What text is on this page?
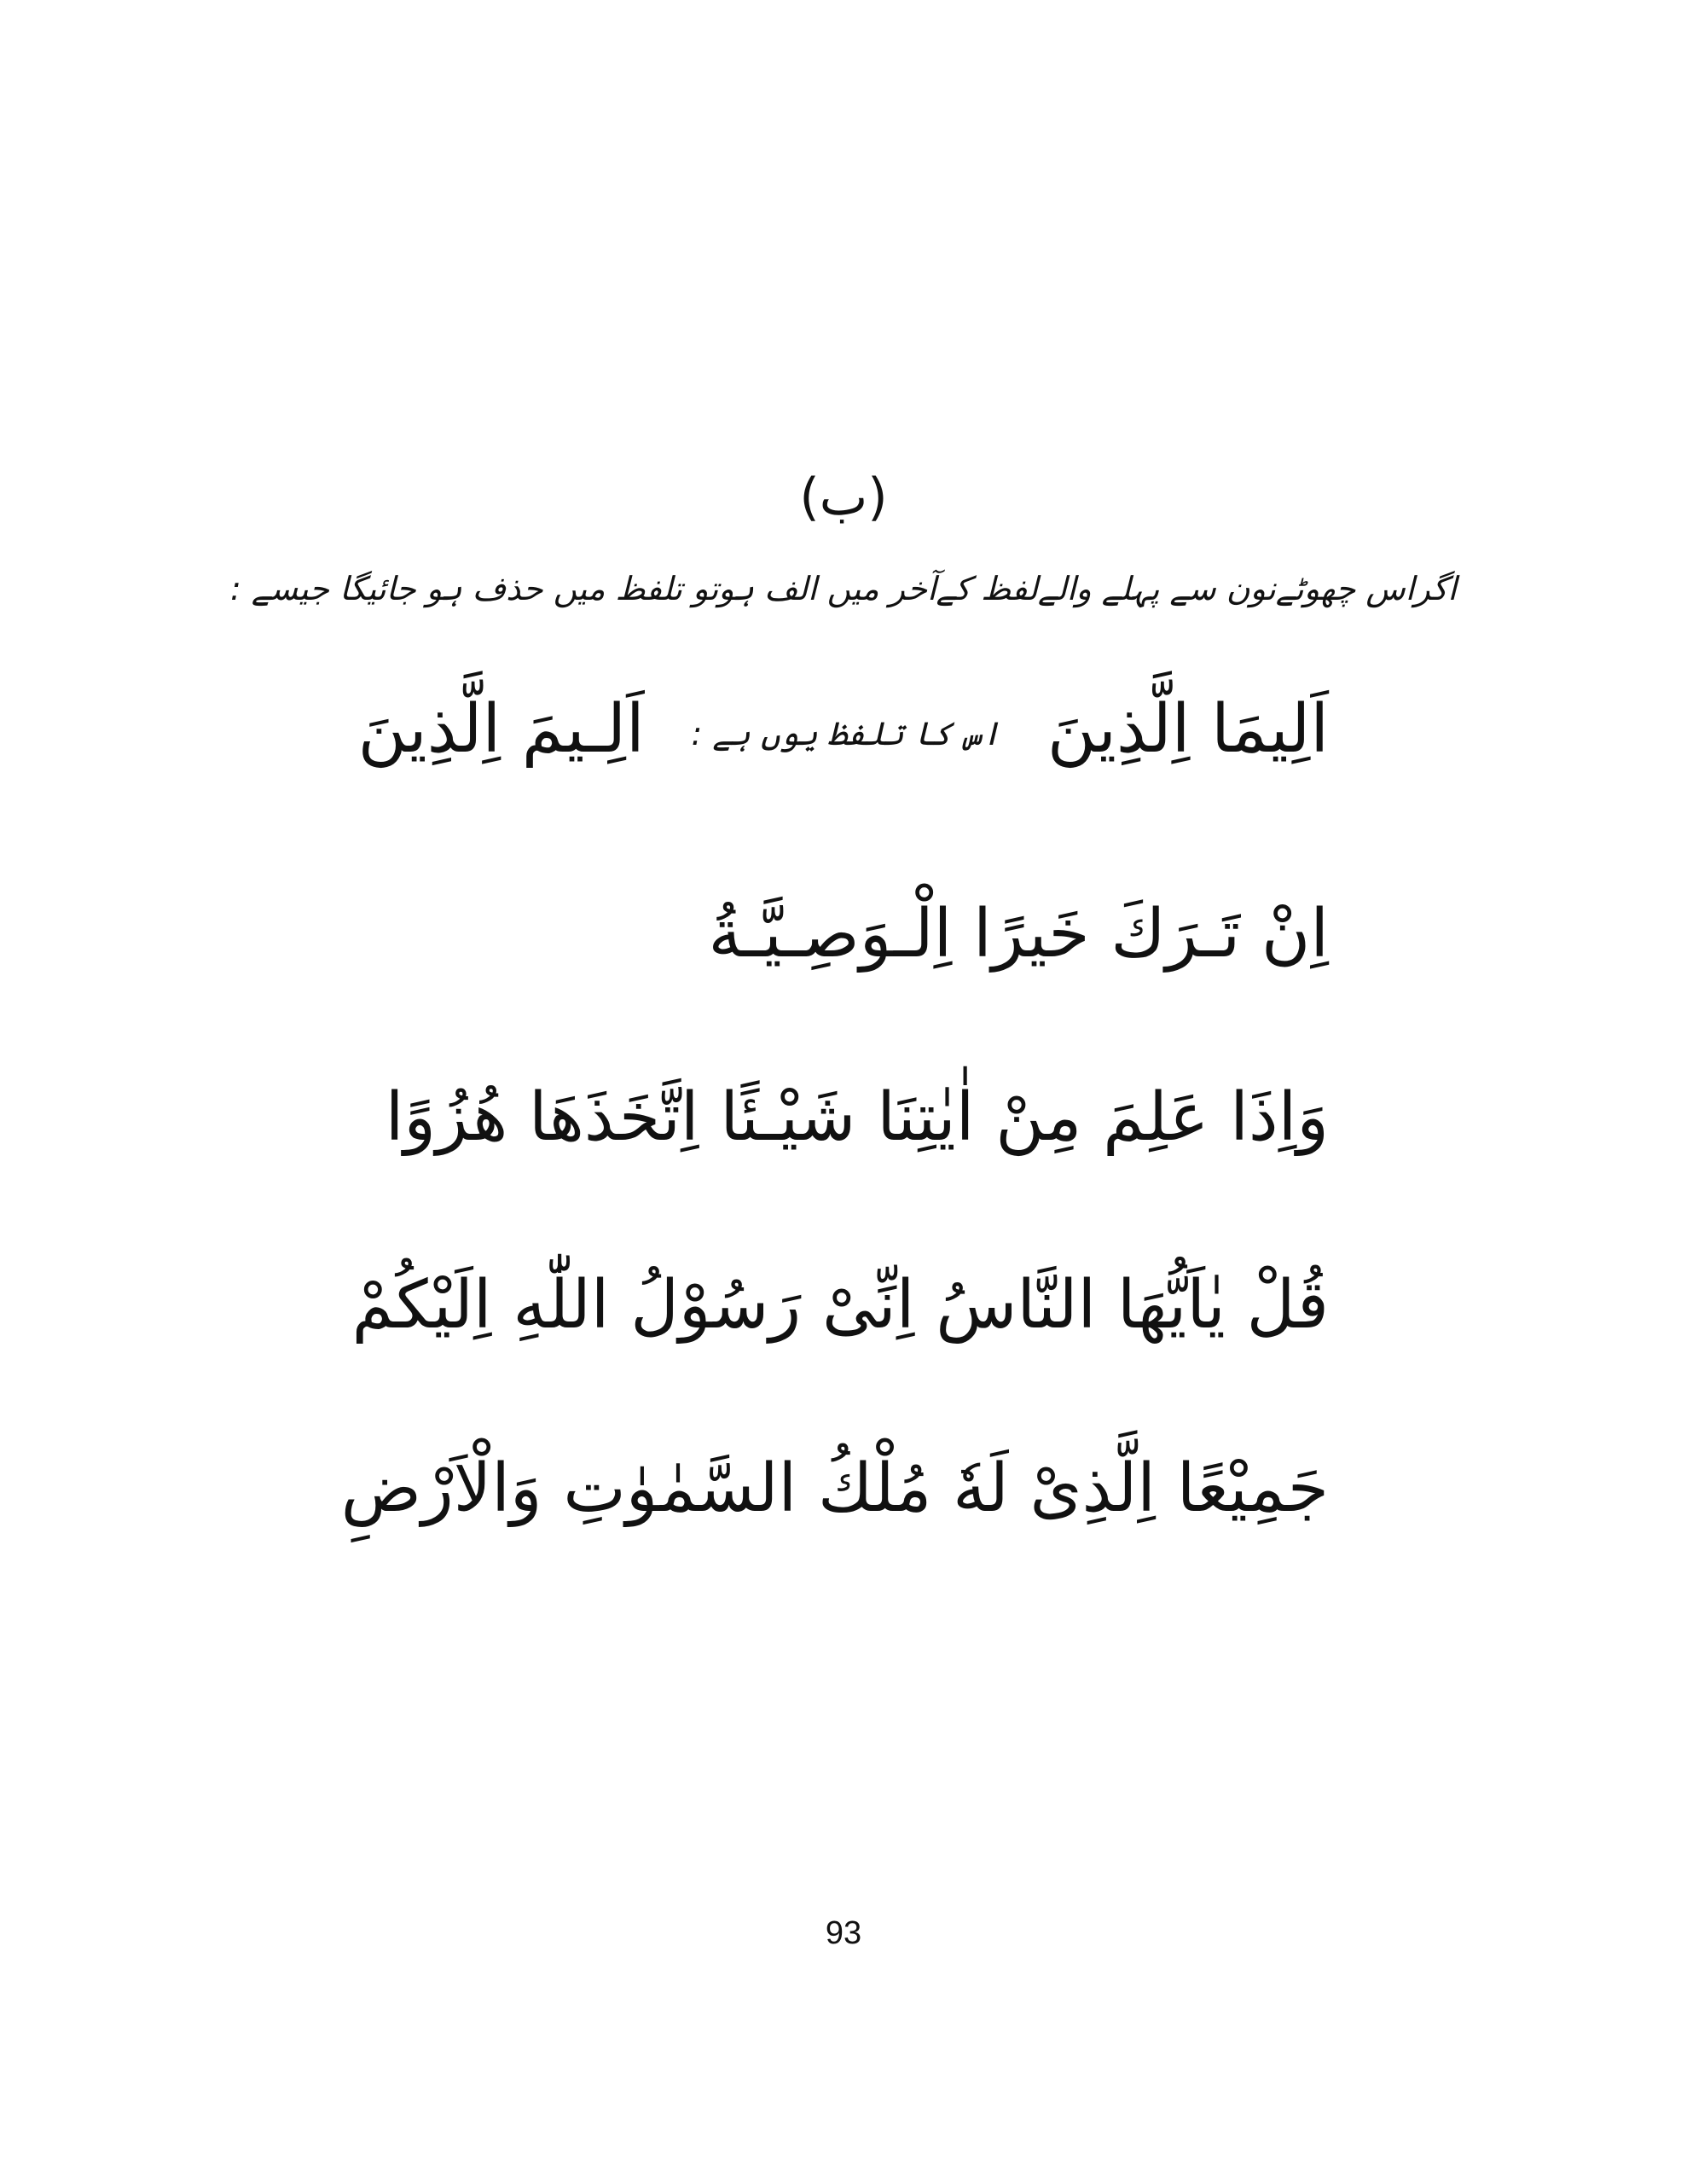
(ب)
اگراس چھوٹےنون سے پہلے والےلفظ کےآخر میں الف ہوتو تلفظ میں حذف ہو جائیگا جیسے :
اَلِيمَا اِلَّذِينَ اس کا تلفظ یوں ہے : اَلِـيمَ اِلَّذِينَ
اِنْ تَـرَكَ خَيرًا اِلْـوَصِـيَّـةُ
وَاِذَا عَلِمَ مِنْ اٰيٰتِنَا شَيْـئًا اِتَّخَذَهَا هُزُوًا
قُلْ يٰاَيُّهَا النَّاسُ اِنِّىْ رَسُوْلُ اللّٰهِ اِلَيْكُمْ
جَمِيْعًا اِلَّذِىْ لَهٗ مُلْكُ السَّمٰوٰتِ وَالْاَرْضِ
93
